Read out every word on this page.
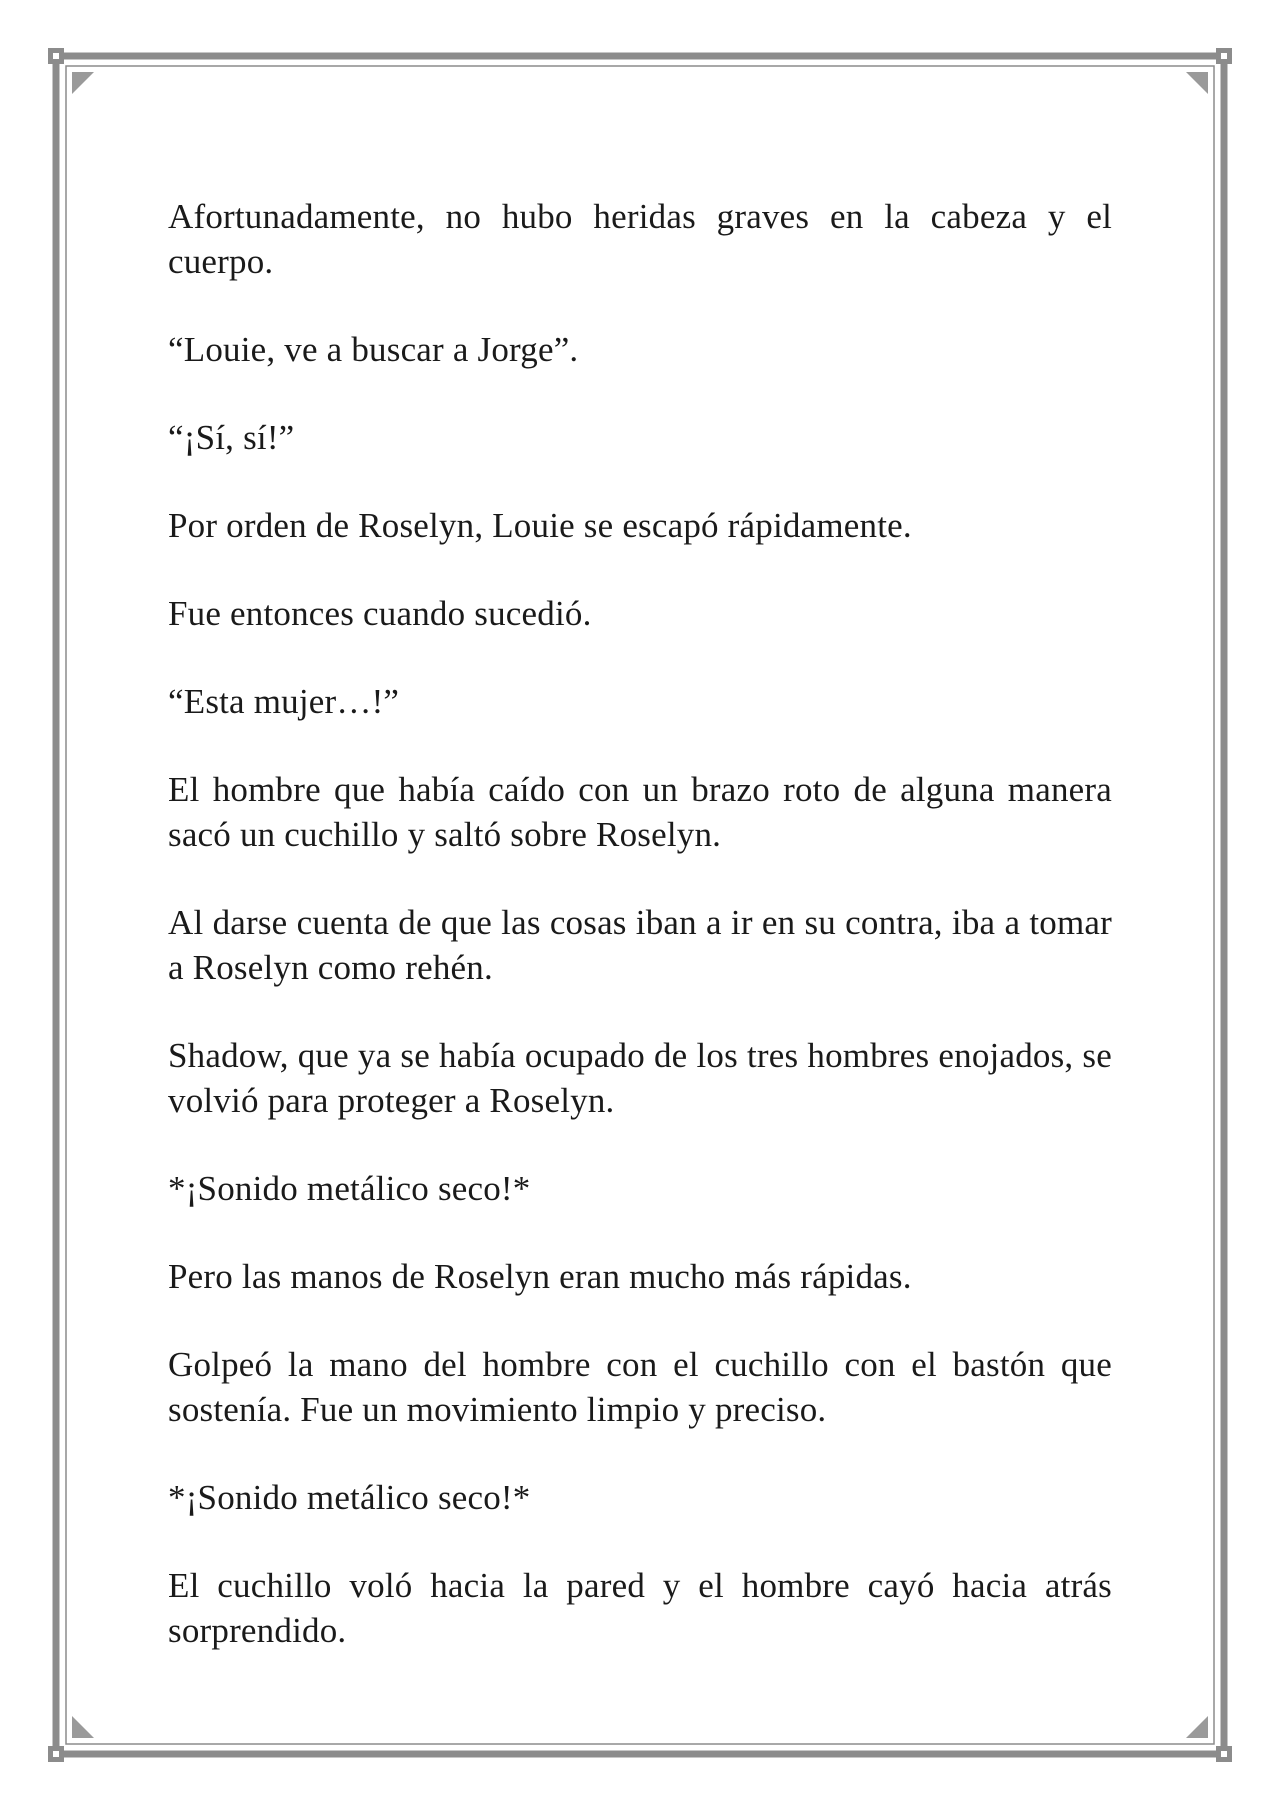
Afortunadamente, no hubo heridas graves en la cabeza y el cuerpo.

“Louie, ve a buscar a Jorge”.

“¡Sí, sí!”

Por orden de Roselyn, Louie se escapó rápidamente.

Fue entonces cuando sucedió.

“Esta mujer…!”

El hombre que había caído con un brazo roto de alguna manera sacó un cuchillo y saltó sobre Roselyn.

Al darse cuenta de que las cosas iban a ir en su contra, iba a tomar a Roselyn como rehén.

Shadow, que ya se había ocupado de los tres hombres enojados, se volvió para proteger a Roselyn.

*¡Sonido metálico seco!*

Pero las manos de Roselyn eran mucho más rápidas.

Golpeó la mano del hombre con el cuchillo con el bastón que sostenía. Fue un movimiento limpio y preciso.

*¡Sonido metálico seco!*

El cuchillo voló hacia la pared y el hombre cayó hacia atrás sorprendido.
